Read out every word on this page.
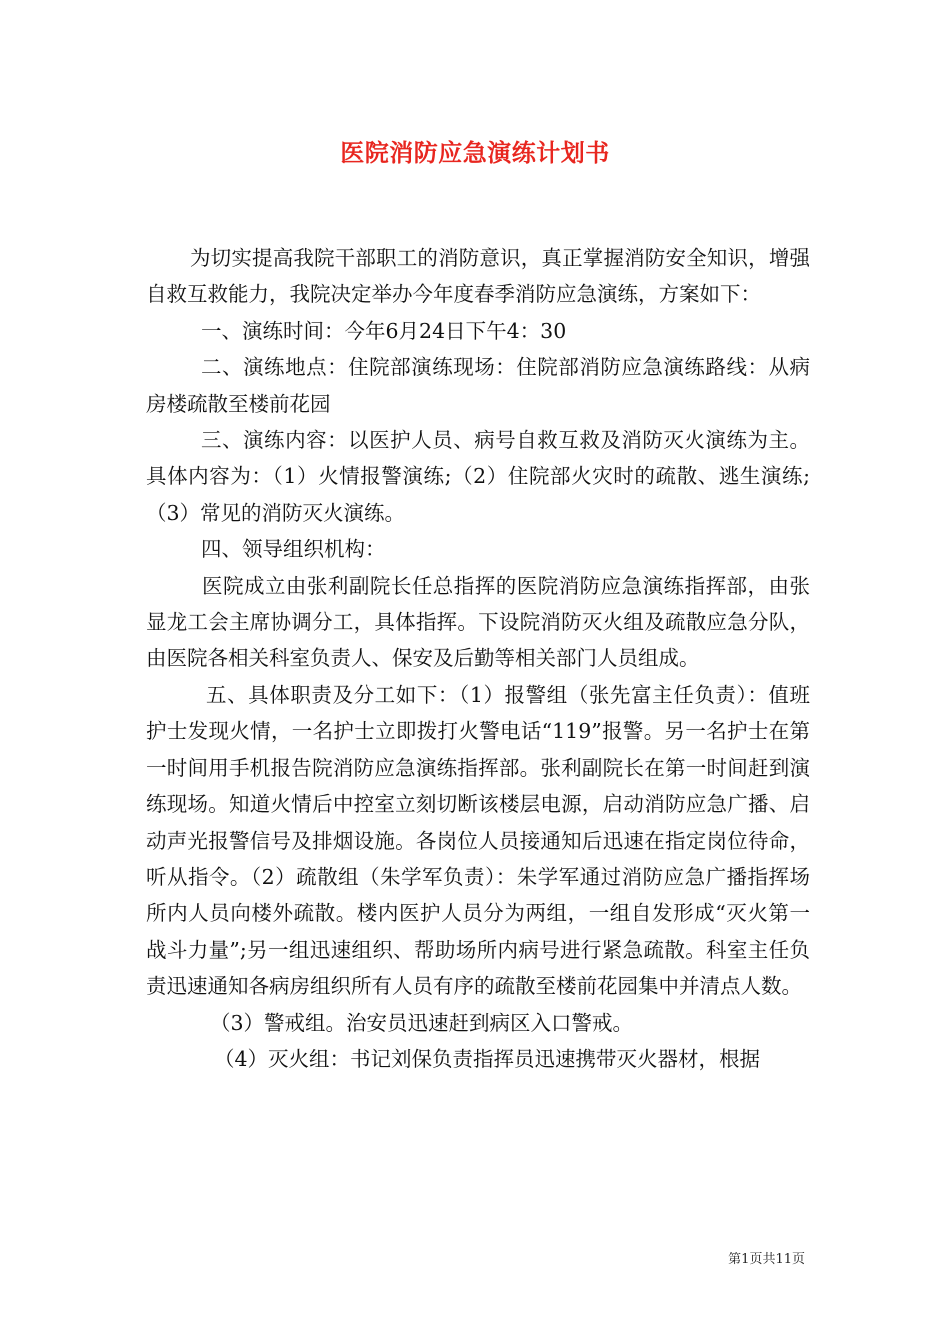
医院消防应急演练计划书

为切实提高我院干部职工的消防意识，真正掌握消防安全知识，增强自救互救能力，我院决定举办今年度春季消防应急演练，方案如下：

一、演练时间：今年6月24日下午4：30

二、演练地点：住院部演练现场：住院部消防应急演练路线：从病房楼疏散至楼前花园

三、演练内容：以医护人员、病号自救互救及消防灭火演练为主。具体内容为：（1）火情报警演练;（2）住院部火灾时的疏散、逃生演练;（3）常见的消防灭火演练。

四、领导组织机构：

医院成立由张利副院长任总指挥的医院消防应急演练指挥部，由张显龙工会主席协调分工，具体指挥。下设院消防灭火组及疏散应急分队，由医院各相关科室负责人、保安及后勤等相关部门人员组成。

五、具体职责及分工如下：（1）报警组（张先富主任负责）：值班护士发现火情，一名护士立即拨打火警电话“119”报警。另一名护士在第一时间用手机报告院消防应急演练指挥部。张利副院长在第一时间赶到演练现场。知道火情后中控室立刻切断该楼层电源，启动消防应急广播、启动声光报警信号及排烟设施。各岗位人员接通知后迅速在指定岗位待命，听从指令。（2）疏散组（朱学军负责）：朱学军通过消防应急广播指挥场所内人员向楼外疏散。楼内医护人员分为两组，一组自发形成“灭火第一战斗力量”;另一组迅速组织、帮助场所内病号进行紧急疏散。科室主任负责迅速通知各病房组织所有人员有序的疏散至楼前花园集中并清点人数。

（3）警戒组。治安员迅速赶到病区入口警戒。

（4）灭火组：书记刘保负责指挥员迅速携带灭火器材，根据

第1页共11页
